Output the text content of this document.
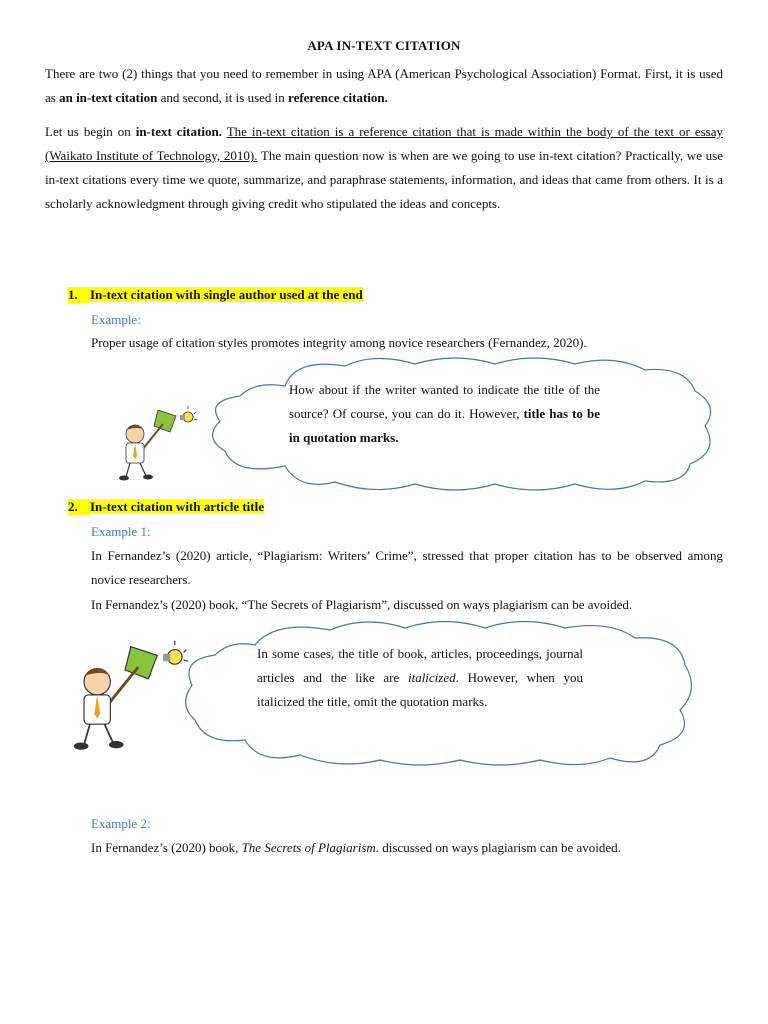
APA IN-TEXT CITATION

There are two (2) things that you need to remember in using APA (American Psychological Association) Format. First, it is used as an in-text citation and second, it is used in reference citation.

Let us begin on in-text citation. The in-text citation is a reference citation that is made within the body of the text or essay (Waikato Institute of Technology, 2010). The main question now is when are we going to use in-text citation? Practically, we use in-text citations every time we quote, summarize, and paraphrase statements, information, and ideas that came from others. It is a scholarly acknowledgment through giving credit who stipulated the ideas and concepts.

1. In-text citation with single author used at the end
Example:

Proper usage of citation styles promotes integrity among novice researchers (Fernandez, 2020).

How about if the writer wanted to indicate the title of the source? Of course, you can do it. However, title has to be in quotation marks.

2. In-text citation with article title
Example 1:

In Fernandez’s (2020) article, “Plagiarism: Writers’ Crime”, stressed that proper citation has to be observed among novice researchers.

In Fernandez’s (2020) book, “The Secrets of Plagiarism”, discussed on ways plagiarism can be avoided.

In some cases, the title of book, articles, proceedings, journal articles and the like are italicized. However, when you italicized the title, omit the quotation marks.

Example 2:

In Fernandez’s (2020) book, The Secrets of Plagiarism. discussed on ways plagiarism can be avoided.
